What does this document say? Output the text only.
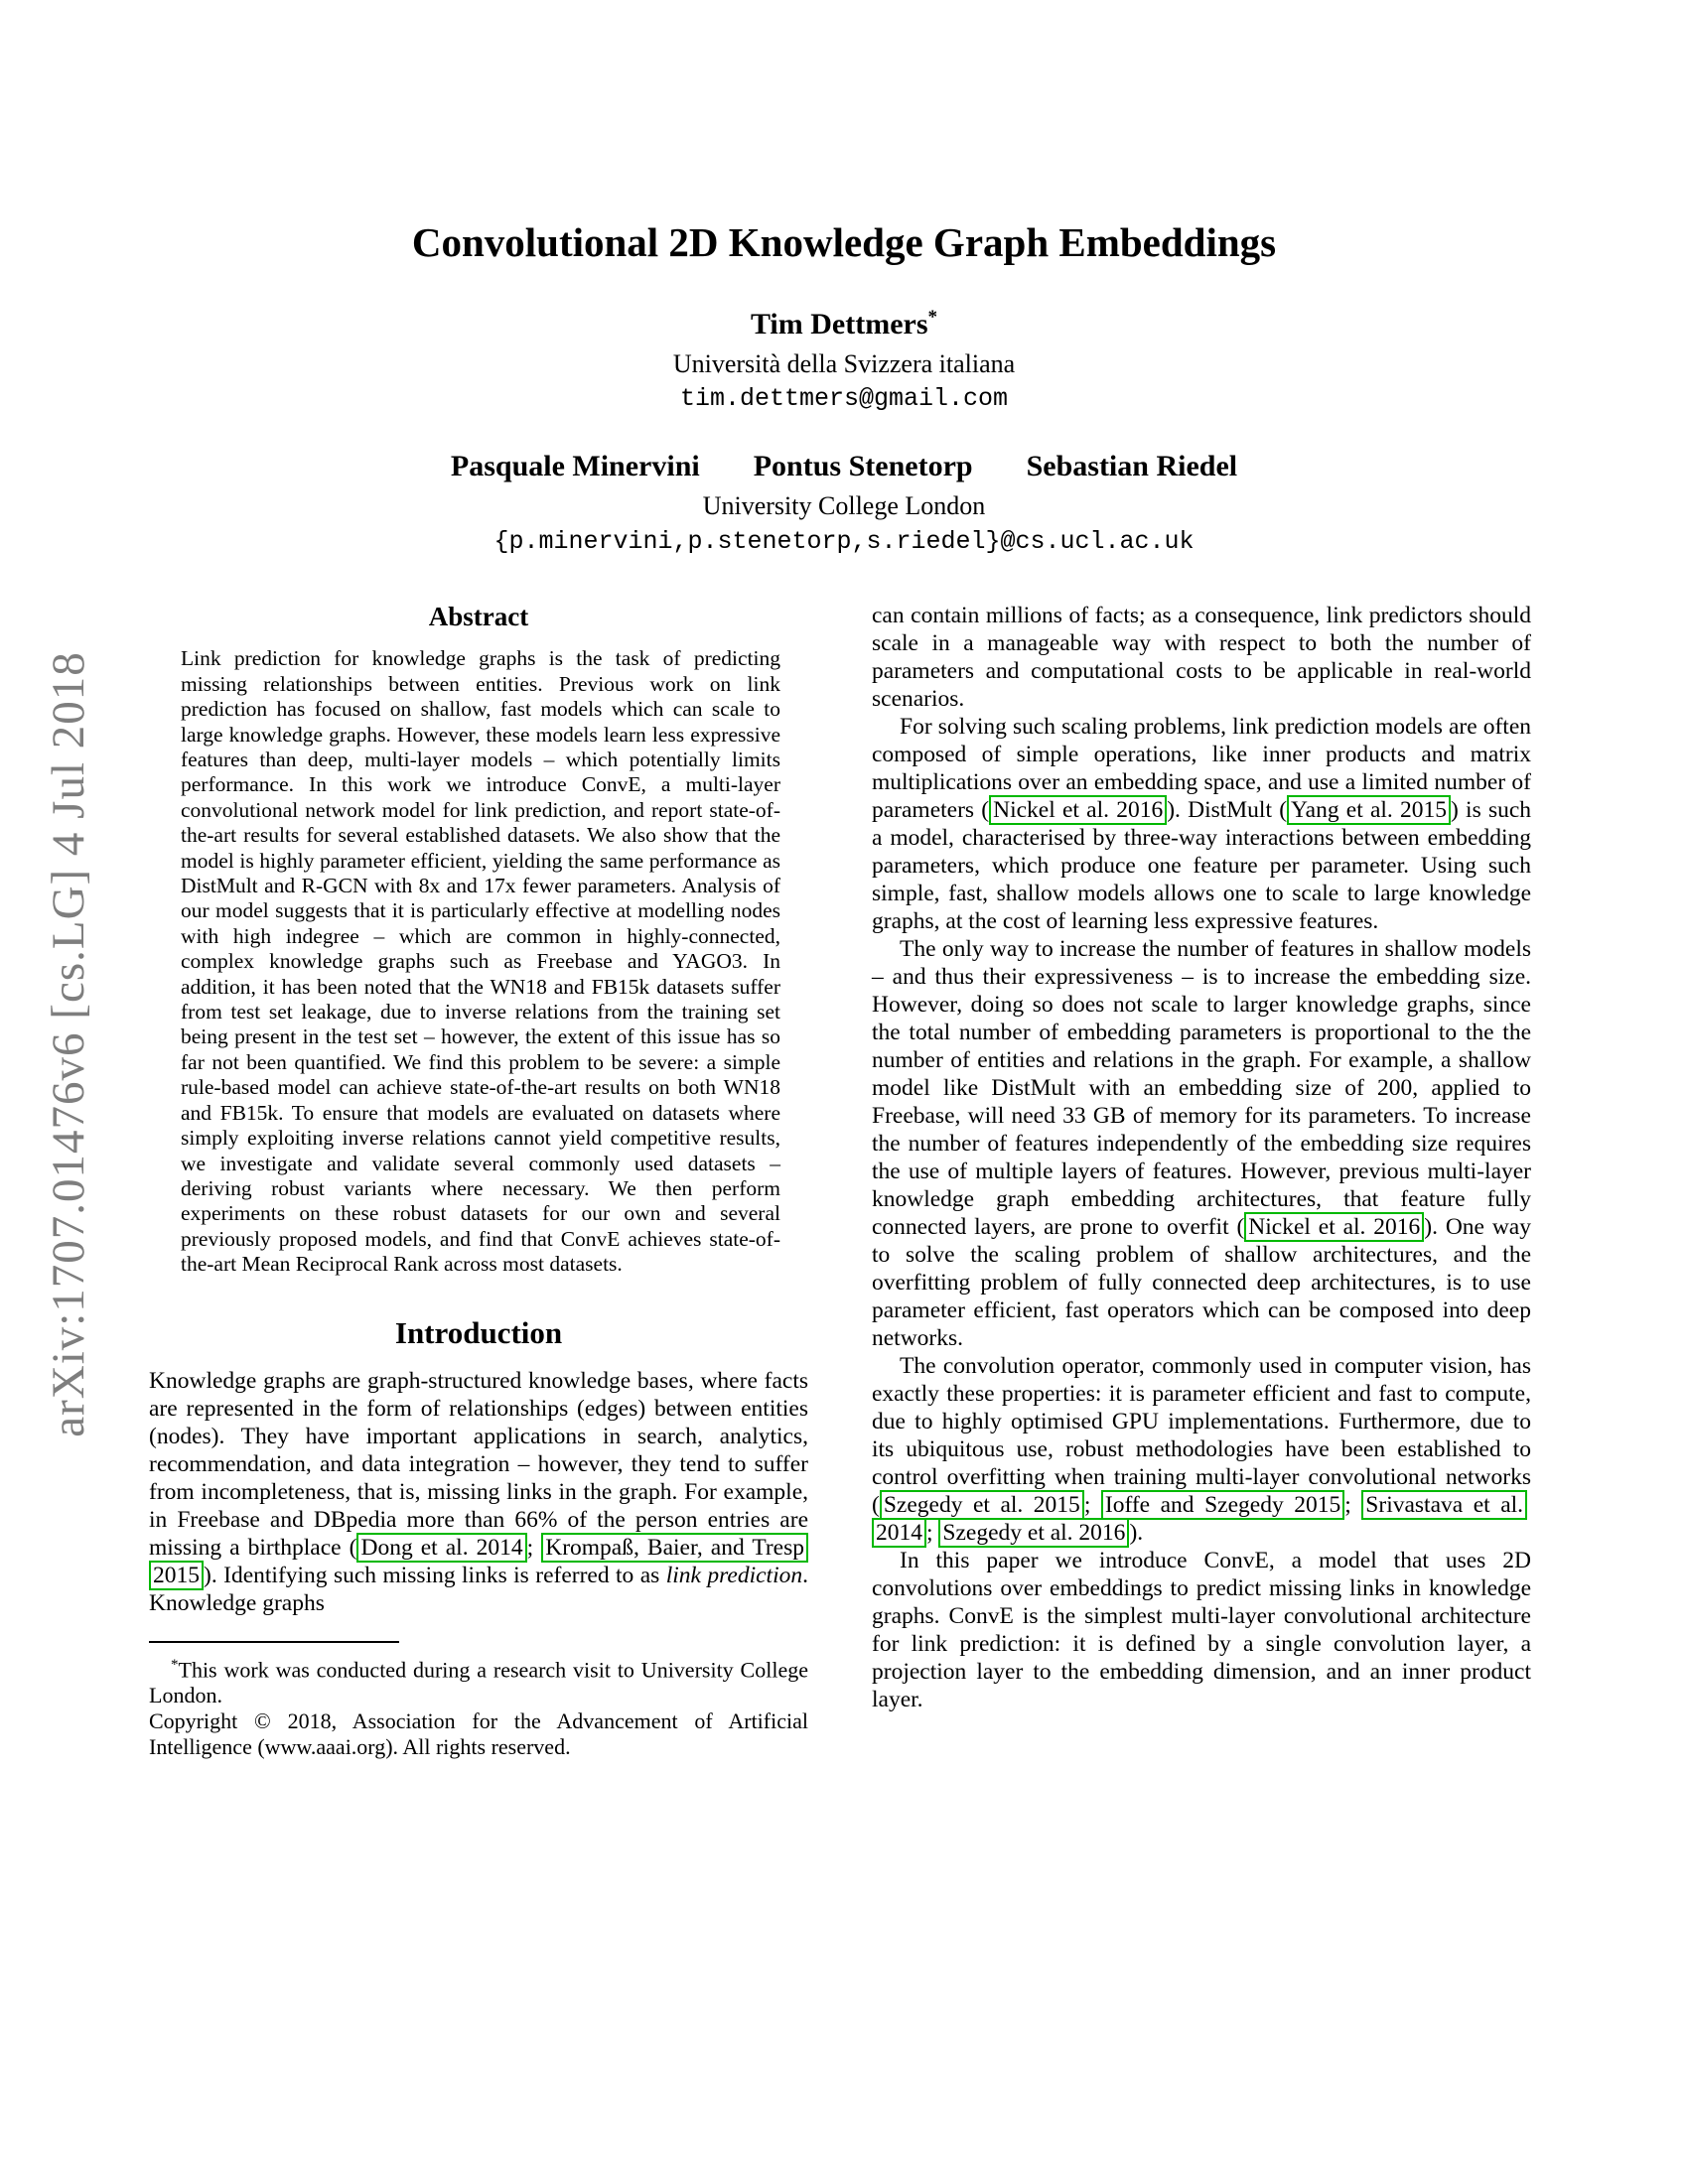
arXiv:1707.01476v6 [cs.LG] 4 Jul 2018
Convolutional 2D Knowledge Graph Embeddings
Tim Dettmers*
Università della Svizzera italiana
tim.dettmers@gmail.com
Pasquale Minervini Pontus Stenetorp Sebastian Riedel
University College London
{p.minervini,p.stenetorp,s.riedel}@cs.ucl.ac.uk
Abstract
Link prediction for knowledge graphs is the task of predicting missing relationships between entities. Previous work on link prediction has focused on shallow, fast models which can scale to large knowledge graphs. However, these models learn less expressive features than deep, multi-layer models – which potentially limits performance. In this work we introduce ConvE, a multi-layer convolutional network model for link prediction, and report state-of-the-art results for several established datasets. We also show that the model is highly parameter efficient, yielding the same performance as DistMult and R-GCN with 8x and 17x fewer parameters. Analysis of our model suggests that it is particularly effective at modelling nodes with high indegree – which are common in highly-connected, complex knowledge graphs such as Freebase and YAGO3. In addition, it has been noted that the WN18 and FB15k datasets suffer from test set leakage, due to inverse relations from the training set being present in the test set – however, the extent of this issue has so far not been quantified. We find this problem to be severe: a simple rule-based model can achieve state-of-the-art results on both WN18 and FB15k. To ensure that models are evaluated on datasets where simply exploiting inverse relations cannot yield competitive results, we investigate and validate several commonly used datasets – deriving robust variants where necessary. We then perform experiments on these robust datasets for our own and several previously proposed models, and find that ConvE achieves state-of-the-art Mean Reciprocal Rank across most datasets.
Introduction

Knowledge graphs are graph-structured knowledge bases, where facts are represented in the form of relationships (edges) between entities (nodes). They have important applications in search, analytics, recommendation, and data integration – however, they tend to suffer from incompleteness, that is, missing links in the graph. For example, in Freebase and DBpedia more than 66% of the person entries are missing a birthplace ( Dong et al. 2014 ; Krompaß, Baier, and Tresp 2015 ). Identifying such missing links is referred to as link prediction. Knowledge graphs

*This work was conducted during a research visit to University College London.

Copyright © 2018, Association for the Advancement of Artificial Intelligence (www.aaai.org). All rights reserved.

can contain millions of facts; as a consequence, link predictors should scale in a manageable way with respect to both the number of parameters and computational costs to be applicable in real-world scenarios.

For solving such scaling problems, link prediction models are often composed of simple operations, like inner products and matrix multiplications over an embedding space, and use a limited number of parameters ( Nickel et al. 2016 ). DistMult ( Yang et al. 2015 ) is such a model, characterised by three-way interactions between embedding parameters, which produce one feature per parameter. Using such simple, fast, shallow models allows one to scale to large knowledge graphs, at the cost of learning less expressive features.

The only way to increase the number of features in shallow models – and thus their expressiveness – is to increase the embedding size. However, doing so does not scale to larger knowledge graphs, since the total number of embedding parameters is proportional to the the number of entities and relations in the graph. For example, a shallow model like DistMult with an embedding size of 200, applied to Freebase, will need 33 GB of memory for its parameters. To increase the number of features independently of the embedding size requires the use of multiple layers of features. However, previous multi-layer knowledge graph embedding architectures, that feature fully connected layers, are prone to overfit ( Nickel et al. 2016 ). One way to solve the scaling problem of shallow architectures, and the overfitting problem of fully connected deep architectures, is to use parameter efficient, fast operators which can be composed into deep networks.

The convolution operator, commonly used in computer vision, has exactly these properties: it is parameter efficient and fast to compute, due to highly optimised GPU implementations. Furthermore, due to its ubiquitous use, robust methodologies have been established to control overfitting when training multi-layer convolutional networks ( Szegedy et al. 2015 ; Ioffe and Szegedy 2015 ; Srivastava et al. 2014 ; Szegedy et al. 2016 ).

In this paper we introduce ConvE, a model that uses 2D convolutions over embeddings to predict missing links in knowledge graphs. ConvE is the simplest multi-layer convolutional architecture for link prediction: it is defined by a single convolution layer, a projection layer to the embedding dimension, and an inner product layer.
